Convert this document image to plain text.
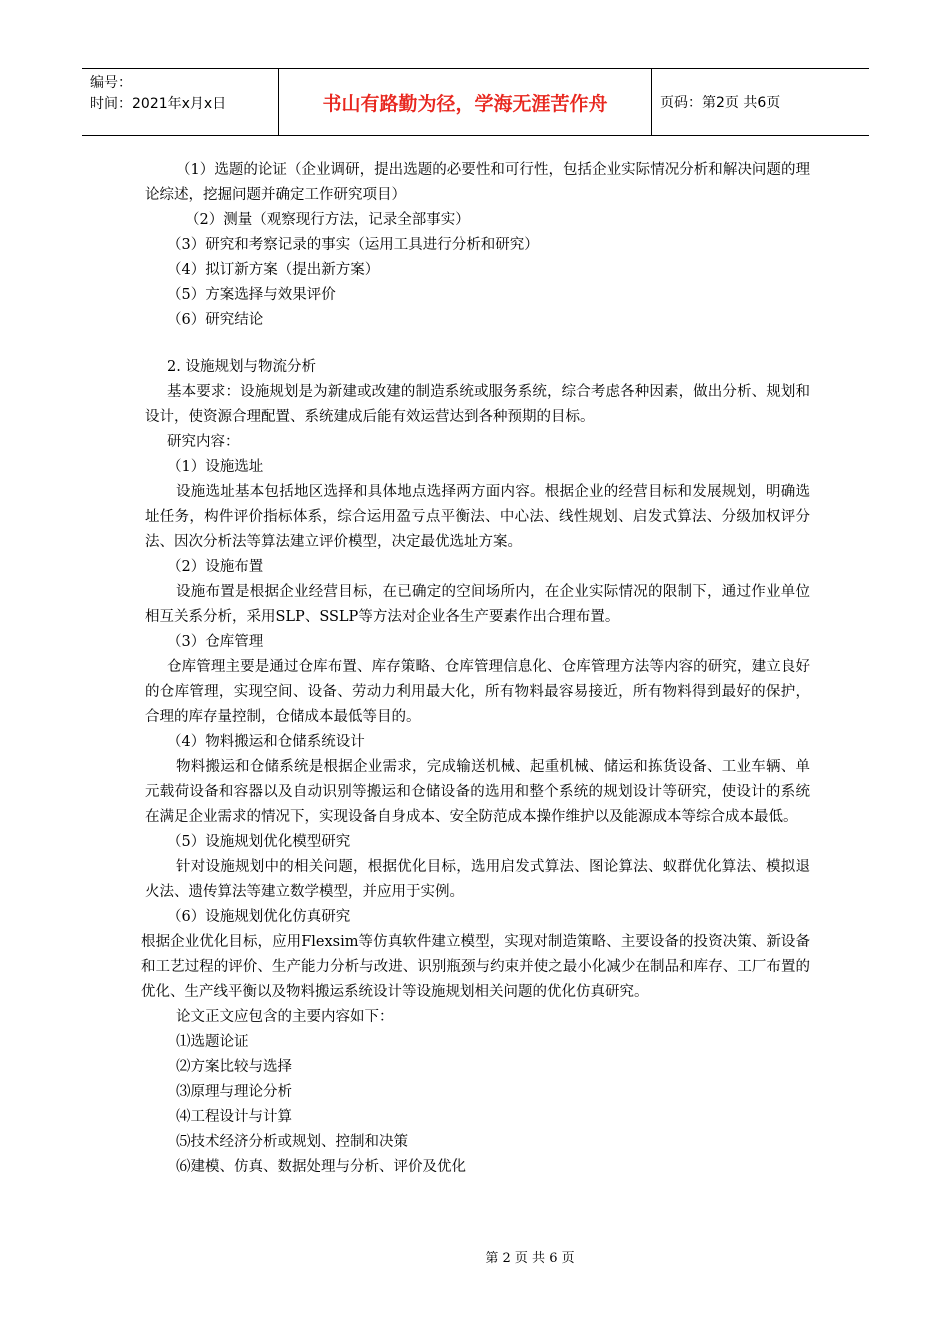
编号：
时间：2021年x月x日	书山有路勤为径，学海无涯苦作舟	页码：第2页 共6页

（1）选题的论证（企业调研，提出选题的必要性和可行性，包括企业实际情况分析和解决问题的理论综述，挖掘问题并确定工作研究项目）

（2）测量（观察现行方法，记录全部事实）

（3）研究和考察记录的事实（运用工具进行分析和研究）

（4）拟订新方案（提出新方案）

（5）方案选择与效果评价

（6）研究结论

2. 设施规划与物流分析

基本要求：设施规划是为新建或改建的制造系统或服务系统，综合考虑各种因素，做出分析、规划和设计，使资源合理配置、系统建成后能有效运营达到各种预期的目标。

研究内容：

（1）设施选址

设施选址基本包括地区选择和具体地点选择两方面内容。根据企业的经营目标和发展规划，明确选址任务，构件评价指标体系，综合运用盈亏点平衡法、中心法、线性规划、启发式算法、分级加权评分法、因次分析法等算法建立评价模型，决定最优选址方案。

（2）设施布置

设施布置是根据企业经营目标，在已确定的空间场所内，在企业实际情况的限制下，通过作业单位相互关系分析，采用SLP、SSLP等方法对企业各生产要素作出合理布置。

（3）仓库管理

仓库管理主要是通过仓库布置、库存策略、仓库管理信息化、仓库管理方法等内容的研究，建立良好的仓库管理，实现空间、设备、劳动力利用最大化，所有物料最容易接近，所有物料得到最好的保护，合理的库存量控制，仓储成本最低等目的。

（4）物料搬运和仓储系统设计

物料搬运和仓储系统是根据企业需求，完成输送机械、起重机械、储运和拣货设备、工业车辆、单元载荷设备和容器以及自动识别等搬运和仓储设备的选用和整个系统的规划设计等研究，使设计的系统在满足企业需求的情况下，实现设备自身成本、安全防范成本操作维护以及能源成本等综合成本最低。

（5）设施规划优化模型研究

针对设施规划中的相关问题，根据优化目标，选用启发式算法、图论算法、蚁群优化算法、模拟退火法、遗传算法等建立数学模型，并应用于实例。

（6）设施规划优化仿真研究

根据企业优化目标，应用Flexsim等仿真软件建立模型，实现对制造策略、主要设备的投资决策、新设备和工艺过程的评价、生产能力分析与改进、识别瓶颈与约束并使之最小化减少在制品和库存、工厂布置的优化、生产线平衡以及物料搬运系统设计等设施规划相关问题的优化仿真研究。

论文正文应包含的主要内容如下：

⑴选题论证

⑵方案比较与选择

⑶原理与理论分析

⑷工程设计与计算

⑸技术经济分析或规划、控制和决策

⑹建模、仿真、数据处理与分析、评价及优化

第 2 页 共 6 页
